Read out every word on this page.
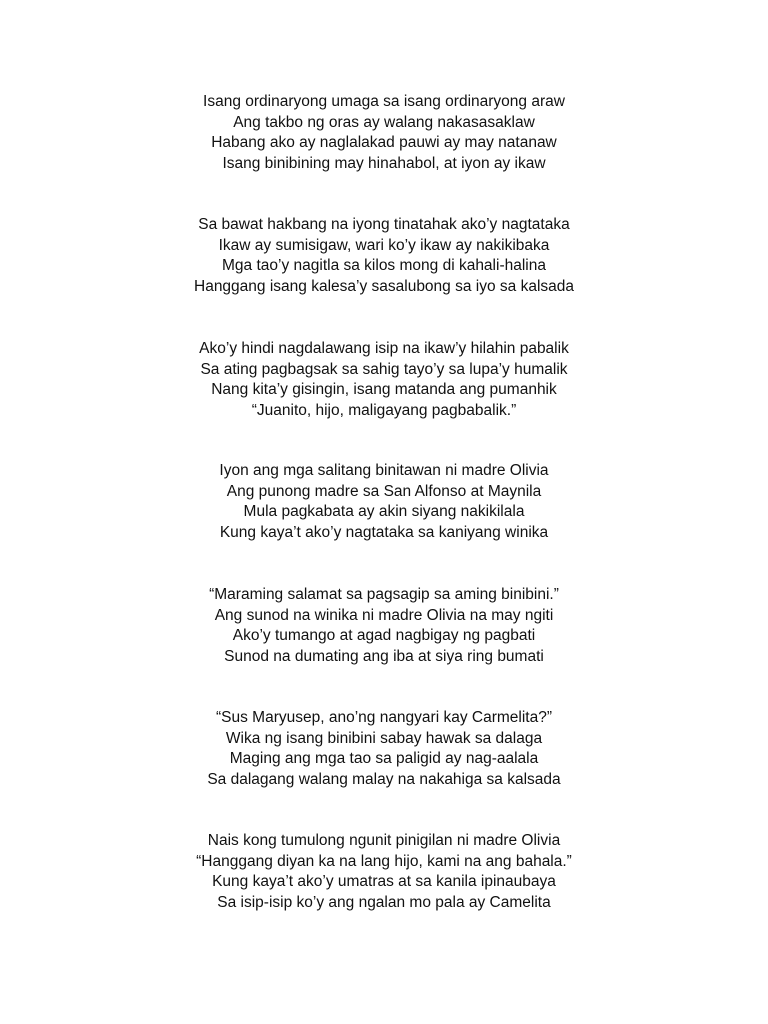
Isang ordinaryong umaga sa isang ordinaryong araw
Ang takbo ng oras ay walang nakasasaklaw
Habang ako ay naglalakad pauwi ay may natanaw
Isang binibining may hinahabol, at iyon ay ikaw
Sa bawat hakbang na iyong tinatahak ako’y nagtataka
Ikaw ay sumisigaw, wari ko’y ikaw ay nakikibaka
Mga tao’y nagitla sa kilos mong di kahali-halina
Hanggang isang kalesa’y sasalubong sa iyo sa kalsada
Ako’y hindi nagdalawang isip na ikaw’y hilahin pabalik
Sa ating pagbagsak sa sahig tayo’y sa lupa’y humalik
Nang kita’y gisingin, isang matanda ang pumanhik
“Juanito, hijo, maligayang pagbabalik.”
Iyon ang mga salitang binitawan ni madre Olivia
Ang punong madre sa San Alfonso at Maynila
Mula pagkabata ay akin siyang nakikilala
Kung kaya’t ako’y nagtataka sa kaniyang winika
“Maraming salamat sa pagsagip sa aming binibini.”
Ang sunod na winika ni madre Olivia na may ngiti
Ako’y tumango at agad nagbigay ng pagbati
Sunod na dumating ang iba at siya ring bumati
“Sus Maryusep, ano’ng nangyari kay Carmelita?”
Wika ng isang binibini sabay hawak sa dalaga
Maging ang mga tao sa paligid ay nag-aalala
Sa dalagang walang malay na nakahiga sa kalsada
Nais kong tumulong ngunit pinigilan ni madre Olivia
“Hanggang diyan ka na lang hijo, kami na ang bahala.”
Kung kaya’t ako’y umatras at sa kanila ipinaubaya
Sa isip-isip ko’y ang ngalan mo pala ay Camelita
